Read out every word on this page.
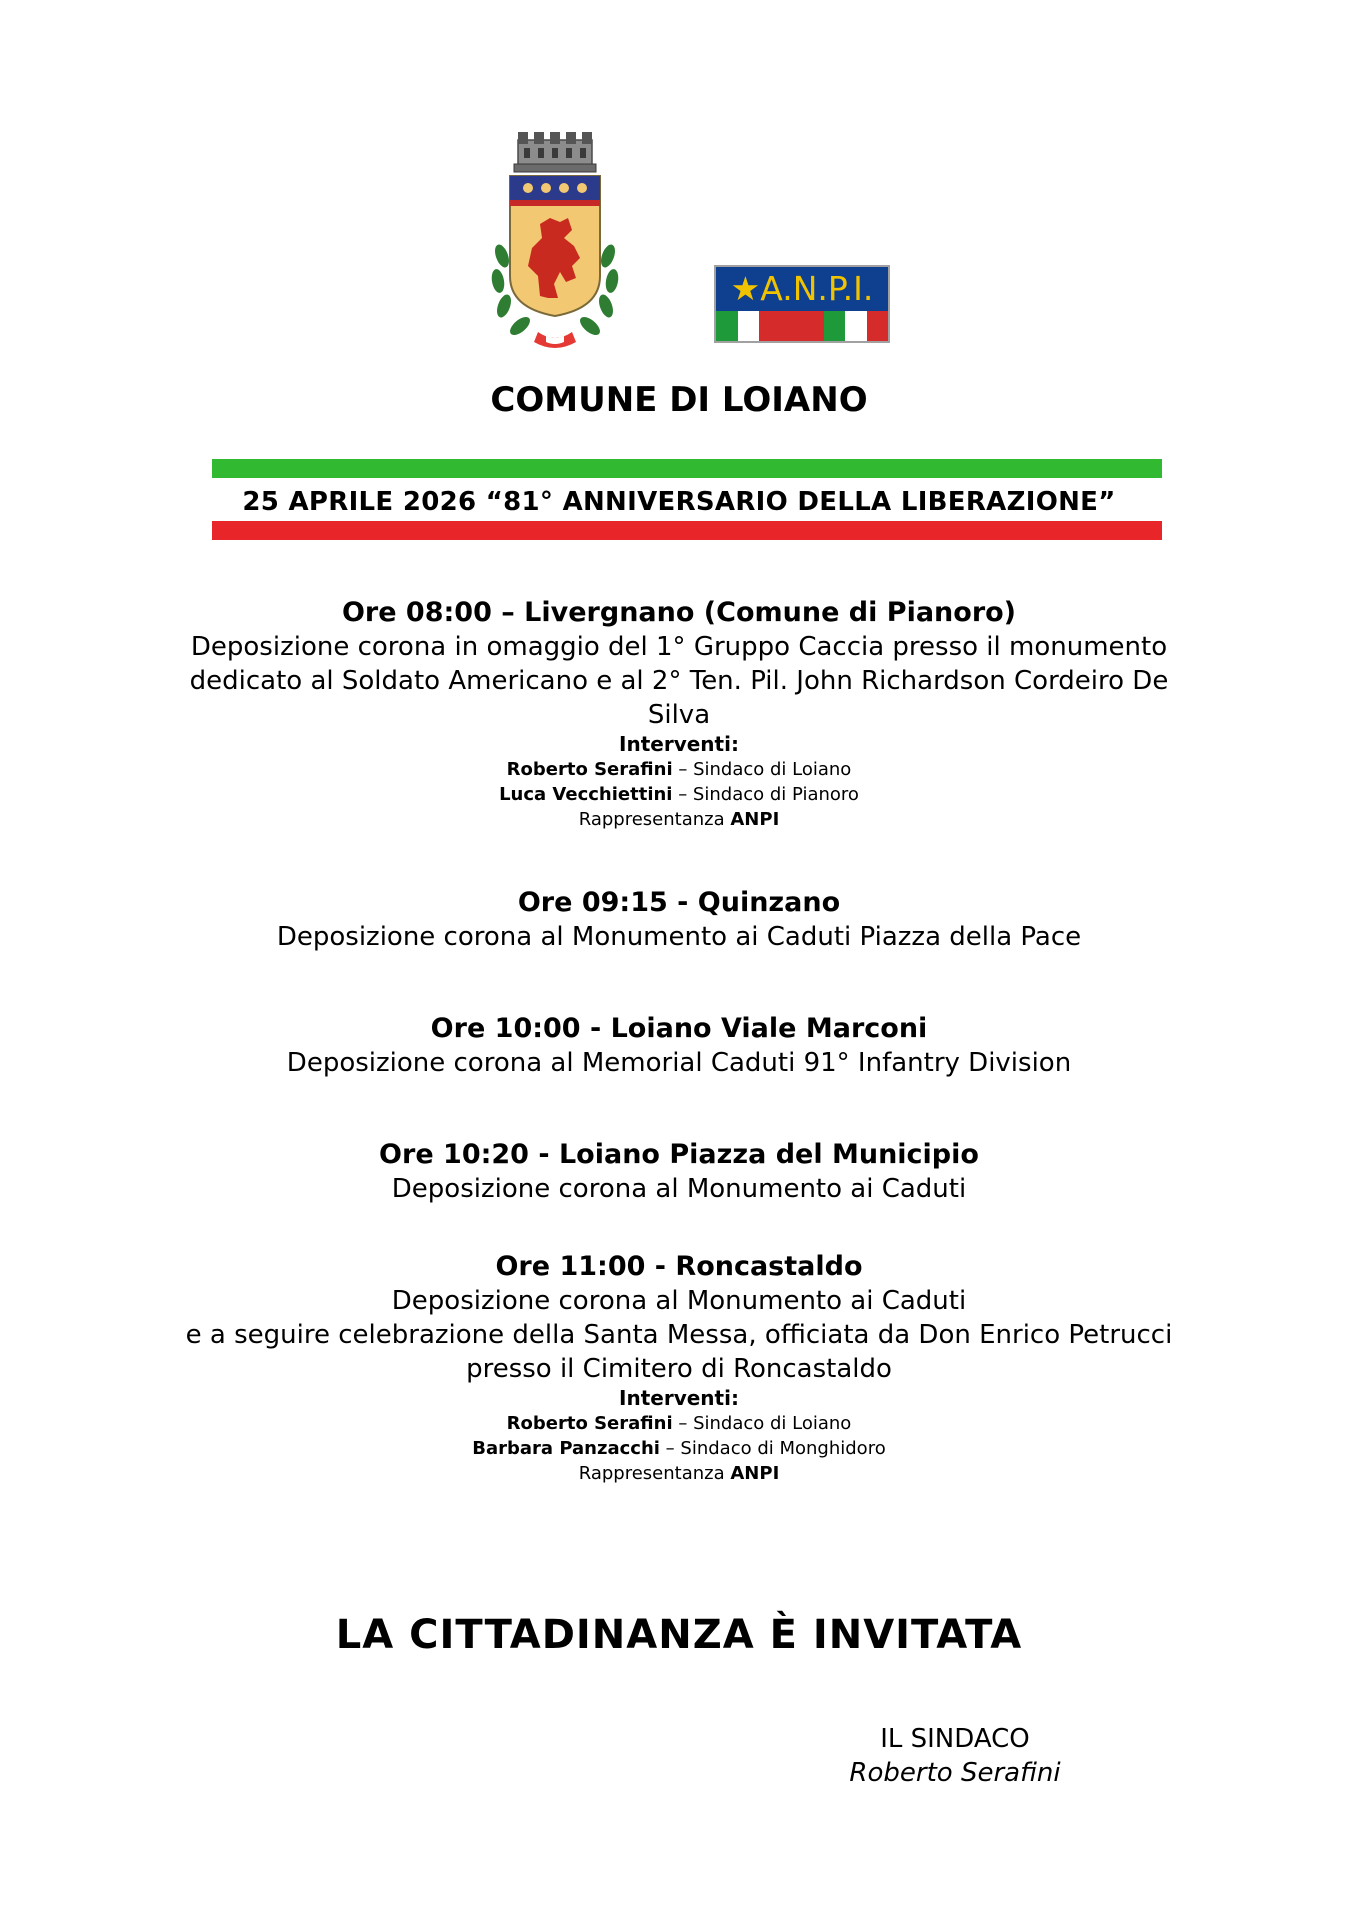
★A.N.P.I.
COMUNE DI LOIANO
25 APRILE 2026 “81° ANNIVERSARIO DELLA LIBERAZIONE”
Ore 08:00 – Livergnano (Comune di Pianoro)
Deposizione corona in omaggio del 1° Gruppo Caccia presso il monumento
dedicato al Soldato Americano e al 2° Ten. Pil. John Richardson Cordeiro De
Silva
Interventi:
Roberto Serafini – Sindaco di Loiano
Luca Vecchiettini – Sindaco di Pianoro
Rappresentanza ANPI
Ore 09:15 - Quinzano
Deposizione corona al Monumento ai Caduti Piazza della Pace
Ore 10:00 - Loiano Viale Marconi
Deposizione corona al Memorial Caduti 91° Infantry Division
Ore 10:20 - Loiano Piazza del Municipio
Deposizione corona al Monumento ai Caduti
Ore 11:00 - Roncastaldo
Deposizione corona al Monumento ai Caduti
e a seguire celebrazione della Santa Messa, officiata da Don Enrico Petrucci
presso il Cimitero di Roncastaldo
Interventi:
Roberto Serafini – Sindaco di Loiano
Barbara Panzacchi – Sindaco di Monghidoro
Rappresentanza ANPI
LA CITTADINANZA È INVITATA
IL SINDACO
Roberto Serafini
